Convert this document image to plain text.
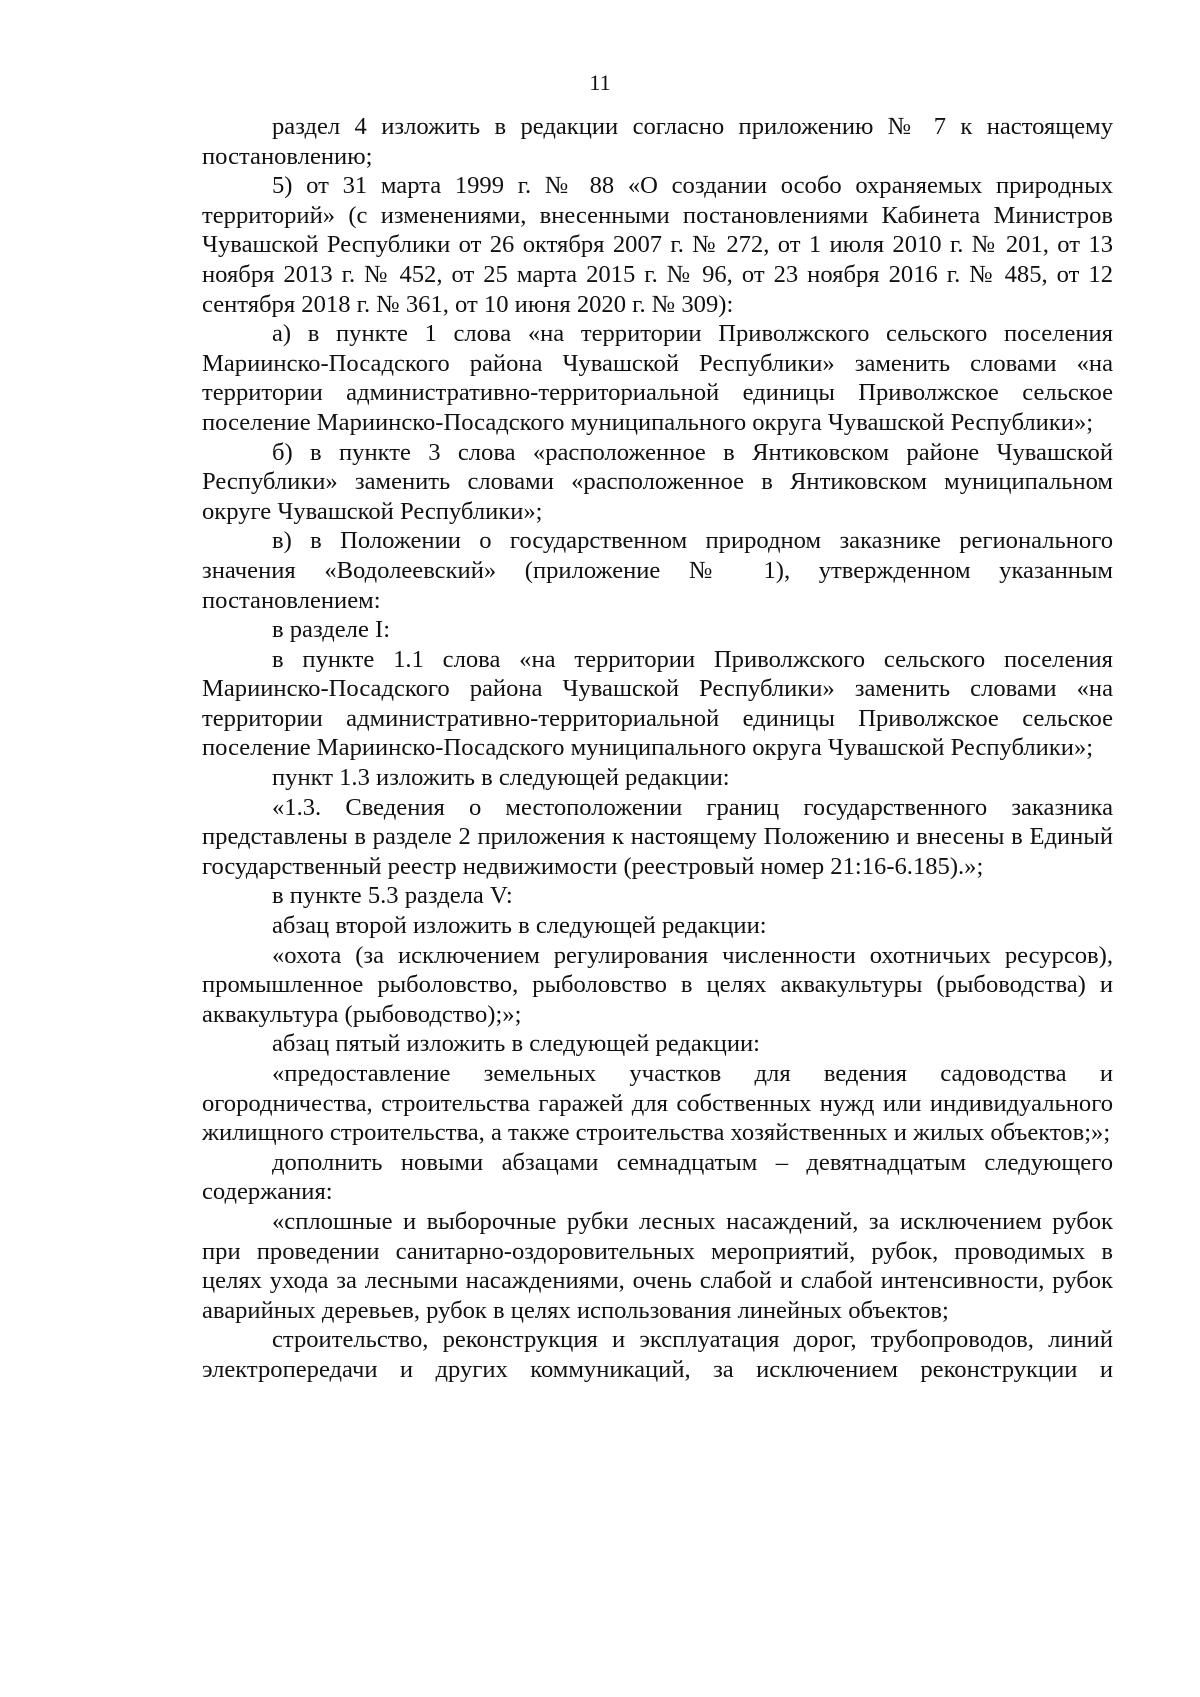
11

раздел 4 изложить в редакции согласно приложению № 7 к настоящему постановлению;

5) от 31 марта 1999 г. № 88 «О создании особо охраняемых природных территорий» (с изменениями, внесенными постановлениями Кабинета Министров Чувашской Республики от 26 октября 2007 г. № 272, от 1 июля 2010 г. № 201, от 13 ноября 2013 г. № 452, от 25 марта 2015 г. № 96, от 23 ноября 2016 г. № 485, от 12 сентября 2018 г. № 361, от 10 июня 2020 г. № 309):

а) в пункте 1 слова «на территории Приволжского сельского поселения Мариинско-Посадского района Чувашской Республики» заменить словами «на территории административно-территориальной единицы Приволжское сельское поселение Мариинско-Посадского муниципального округа Чувашской Республики»;

б) в пункте 3 слова «расположенное в Янтиковском районе Чувашской Республики» заменить словами «расположенное в Янтиковском муниципальном округе Чувашской Республики»;

в) в Положении о государственном природном заказнике регионального значения «Водолеевский» (приложение № 1), утвержденном указанным постановлением:

в разделе I:

в пункте 1.1 слова «на территории Приволжского сельского поселения Мариинско-Посадского района Чувашской Республики» заменить словами «на территории административно-территориальной единицы Приволжское сельское поселение Мариинско-Посадского муниципального округа Чувашской Республики»;

пункт 1.3 изложить в следующей редакции:

«1.3. Сведения о местоположении границ государственного заказника представлены в разделе 2 приложения к настоящему Положению и внесены в Единый государственный реестр недвижимости (реестровый номер 21:16-6.185).»;

в пункте 5.3 раздела V:

абзац второй изложить в следующей редакции:

«охота (за исключением регулирования численности охотничьих ресурсов), промышленное рыболовство, рыболовство в целях аквакультуры (рыбоводства) и аквакультура (рыбоводство);»;

абзац пятый изложить в следующей редакции:

«предоставление земельных участков для ведения садоводства и огородничества, строительства гаражей для собственных нужд или индивидуального жилищного строительства, а также строительства хозяйственных и жилых объектов;»;

дополнить новыми абзацами семнадцатым – девятнадцатым следующего содержания:

«сплошные и выборочные рубки лесных насаждений, за исключением рубок при проведении санитарно-оздоровительных мероприятий, рубок, проводимых в целях ухода за лесными насаждениями, очень слабой и слабой интенсивности, рубок аварийных деревьев, рубок в целях использования линейных объектов;

строительство, реконструкция и эксплуатация дорог, трубопроводов, линий электропередачи и других коммуникаций, за исключением реконструкции и
